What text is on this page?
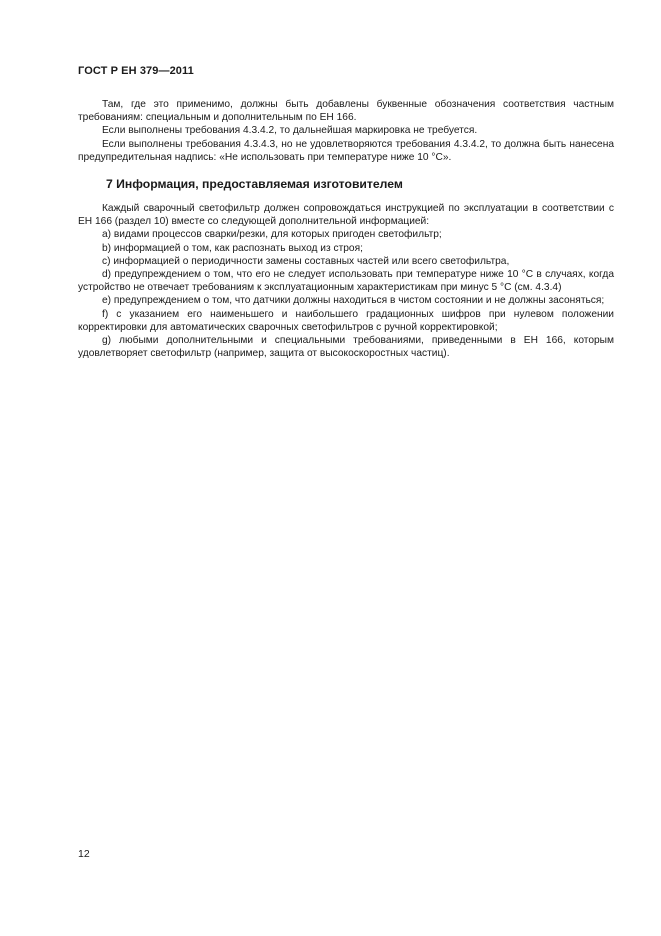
ГОСТ Р ЕН 379—2011

Там, где это применимо, должны быть добавлены буквенные обозначения соответствия частным требованиям: специальным и дополнительным по ЕН 166.

Если выполнены требования 4.3.4.2, то дальнейшая маркировка не требуется.

Если выполнены требования 4.3.4.3, но не удовлетворяются требования 4.3.4.2, то должна быть нанесена предупредительная надпись: «Не использовать при температуре ниже 10 °С».

7 Информация, предоставляемая изготовителем

Каждый сварочный светофильтр должен сопровождаться инструкцией по эксплуатации в соответствии с ЕН 166 (раздел 10) вместе со следующей дополнительной информацией:

a) видами процессов сварки/резки, для которых пригоден светофильтр;

b) информацией о том, как распознать выход из строя;

c) информацией о периодичности замены составных частей или всего светофильтра,

d) предупреждением о том, что его не следует использовать при температуре ниже 10 °С в случаях, когда устройство не отвечает требованиям к эксплуатационным характеристикам при минус 5 °С (см. 4.3.4)

e) предупреждением о том, что датчики должны находиться в чистом состоянии и не должны засоняться;

f) с указанием его наименьшего и наибольшего градационных шифров при нулевом положении корректировки для автоматических сварочных светофильтров с ручной корректировкой;

g) любыми дополнительными и специальными требованиями, приведенными в ЕН 166, которым удовлетворяет светофильтр (например, защита от высокоскоростных частиц).

12
